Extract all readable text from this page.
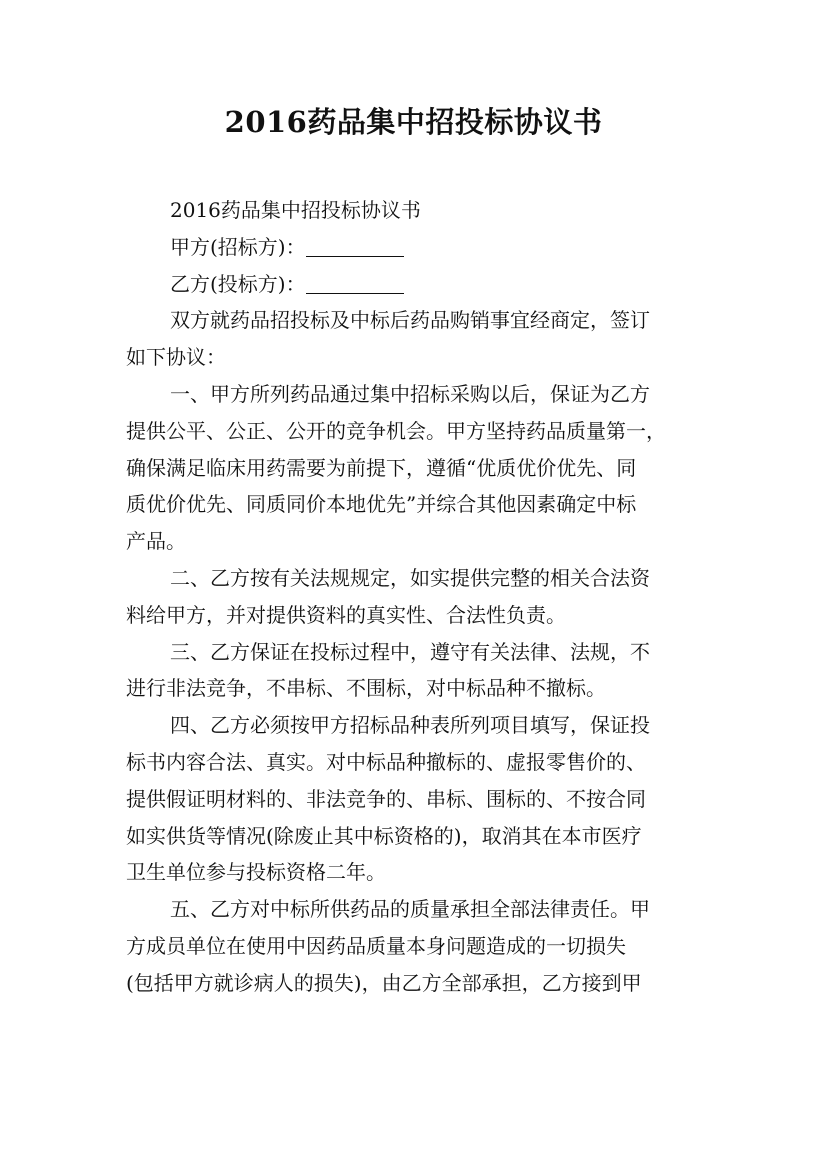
2016药品集中招投标协议书
2016药品集中招投标协议书
甲方(招标方)：
乙方(投标方)：
双方就药品招投标及中标后药品购销事宜经商定，签订
如下协议：
一、甲方所列药品通过集中招标采购以后，保证为乙方
提供公平、公正、公开的竞争机会。甲方坚持药品质量第一，
确保满足临床用药需要为前提下，遵循“优质优价优先、同
质优价优先、同质同价本地优先”并综合其他因素确定中标
产品。
二、乙方按有关法规规定，如实提供完整的相关合法资
料给甲方，并对提供资料的真实性、合法性负责。
三、乙方保证在投标过程中，遵守有关法律、法规，不
进行非法竞争，不串标、不围标，对中标品种不撤标。
四、乙方必须按甲方招标品种表所列项目填写，保证投
标书内容合法、真实。对中标品种撤标的、虚报零售价的、
提供假证明材料的、非法竞争的、串标、围标的、不按合同
如实供货等情况(除废止其中标资格的)，取消其在本市医疗
卫生单位参与投标资格二年。
五、乙方对中标所供药品的质量承担全部法律责任。甲
方成员单位在使用中因药品质量本身问题造成的一切损失
(包括甲方就诊病人的损失)，由乙方全部承担，乙方接到甲
